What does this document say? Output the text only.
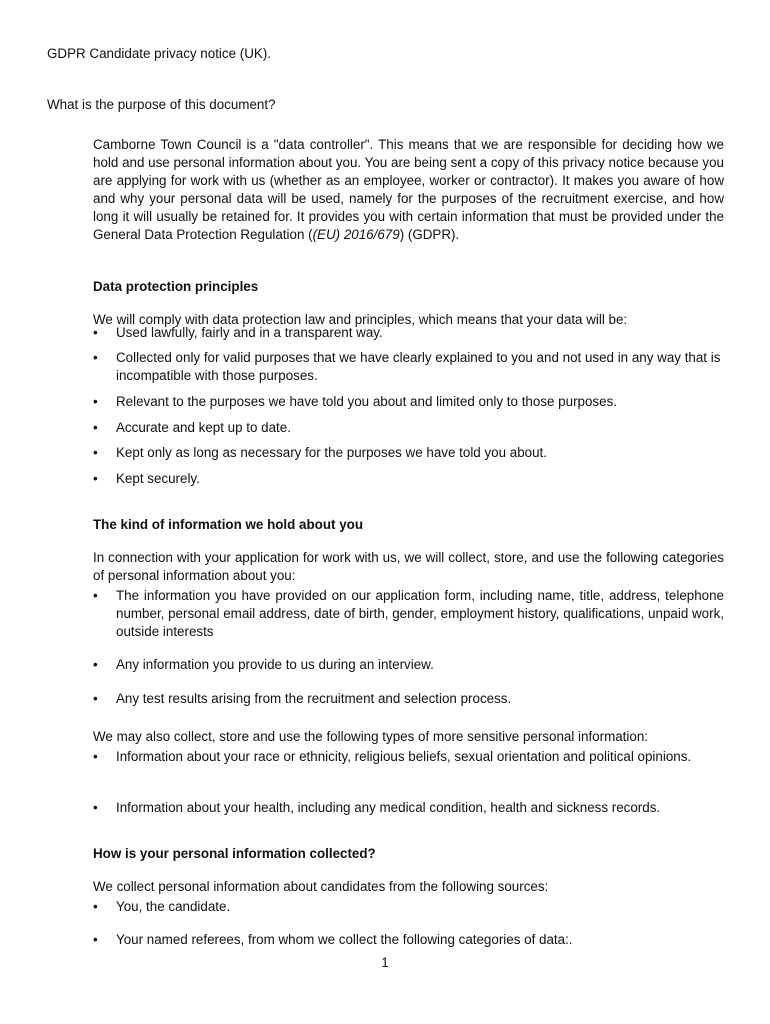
GDPR Candidate privacy notice (UK).

What is the purpose of this document?

Camborne Town Council is a "data controller". This means that we are responsible for deciding how we hold and use personal information about you. You are being sent a copy of this privacy notice because you are applying for work with us (whether as an employee, worker or contractor). It makes you aware of how and why your personal data will be used, namely for the purposes of the recruitment exercise, and how long it will usually be retained for. It provides you with certain information that must be provided under the General Data Protection Regulation ((EU) 2016/679) (GDPR).

Data protection principles

We will comply with data protection law and principles, which means that your data will be:

•	Used lawfully, fairly and in a transparent way.
•	Collected only for valid purposes that we have clearly explained to you and not used in any way that is incompatible with those purposes.
•	Relevant to the purposes we have told you about and limited only to those purposes.
•	Accurate and kept up to date.
•	Kept only as long as necessary for the purposes we have told you about.
•	Kept securely.

The kind of information we hold about you

In connection with your application for work with us, we will collect, store, and use the following categories of personal information about you:

•	The information you have provided on our application form, including name, title, address, telephone number, personal email address, date of birth, gender, employment history, qualifications, unpaid work, outside interests
•	Any information you provide to us during an interview.
•	Any test results arising from the recruitment and selection process.

We may also collect, store and use the following types of more sensitive personal information:

•	Information about your race or ethnicity, religious beliefs, sexual orientation and political opinions.
•	Information about your health, including any medical condition, health and sickness records.

How is your personal information collected?

We collect personal information about candidates from the following sources:

•	You, the candidate.
•	Your named referees, from whom we collect the following categories of data:.
1
